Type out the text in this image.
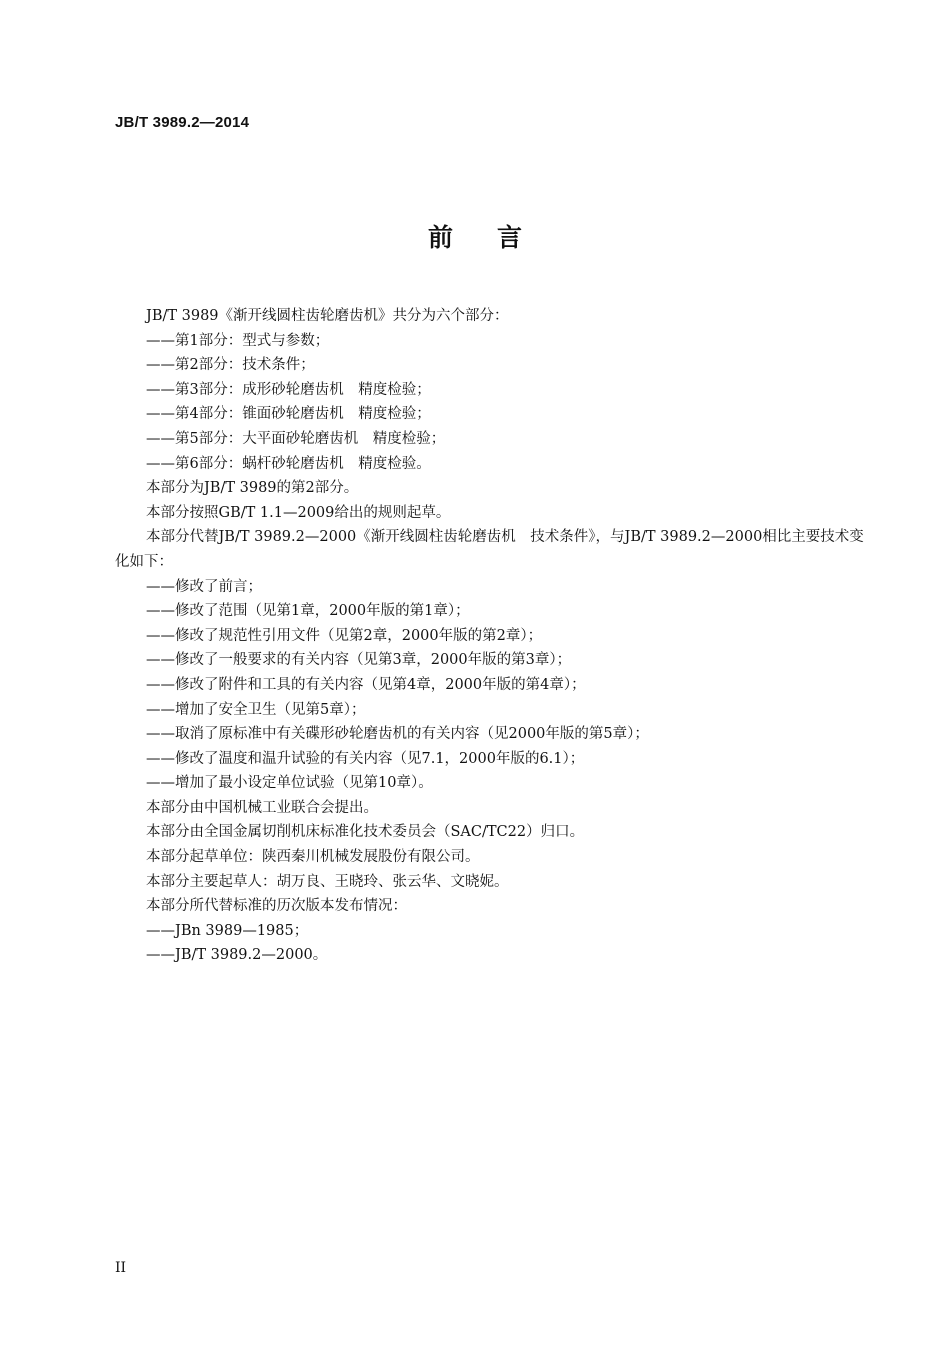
JB/T 3989.2—2014
前言

JB/T 3989《渐开线圆柱齿轮磨齿机》共分为六个部分：

——第1部分：型式与参数；

——第2部分：技术条件；

——第3部分：成形砂轮磨齿机　精度检验；

——第4部分：锥面砂轮磨齿机　精度检验；

——第5部分：大平面砂轮磨齿机　精度检验；

——第6部分：蜗杆砂轮磨齿机　精度检验。

本部分为JB/T 3989的第2部分。

本部分按照GB/T 1.1—2009给出的规则起草。

本部分代替JB/T 3989.2—2000《渐开线圆柱齿轮磨齿机　技术条件》，与JB/T 3989.2—2000相比主要技术变化如下：

——修改了前言；

——修改了范围（见第1章，2000年版的第1章）；

——修改了规范性引用文件（见第2章，2000年版的第2章）；

——修改了一般要求的有关内容（见第3章，2000年版的第3章）；

——修改了附件和工具的有关内容（见第4章，2000年版的第4章）；

——增加了安全卫生（见第5章）；

——取消了原标准中有关碟形砂轮磨齿机的有关内容（见2000年版的第5章）；

——修改了温度和温升试验的有关内容（见7.1，2000年版的6.1）；

——增加了最小设定单位试验（见第10章）。

本部分由中国机械工业联合会提出。

本部分由全国金属切削机床标准化技术委员会（SAC/TC22）归口。

本部分起草单位：陕西秦川机械发展股份有限公司。

本部分主要起草人：胡万良、王晓玲、张云华、文晓妮。

本部分所代替标准的历次版本发布情况：

——JBn 3989—1985；

——JB/T 3989.2—2000。

II
